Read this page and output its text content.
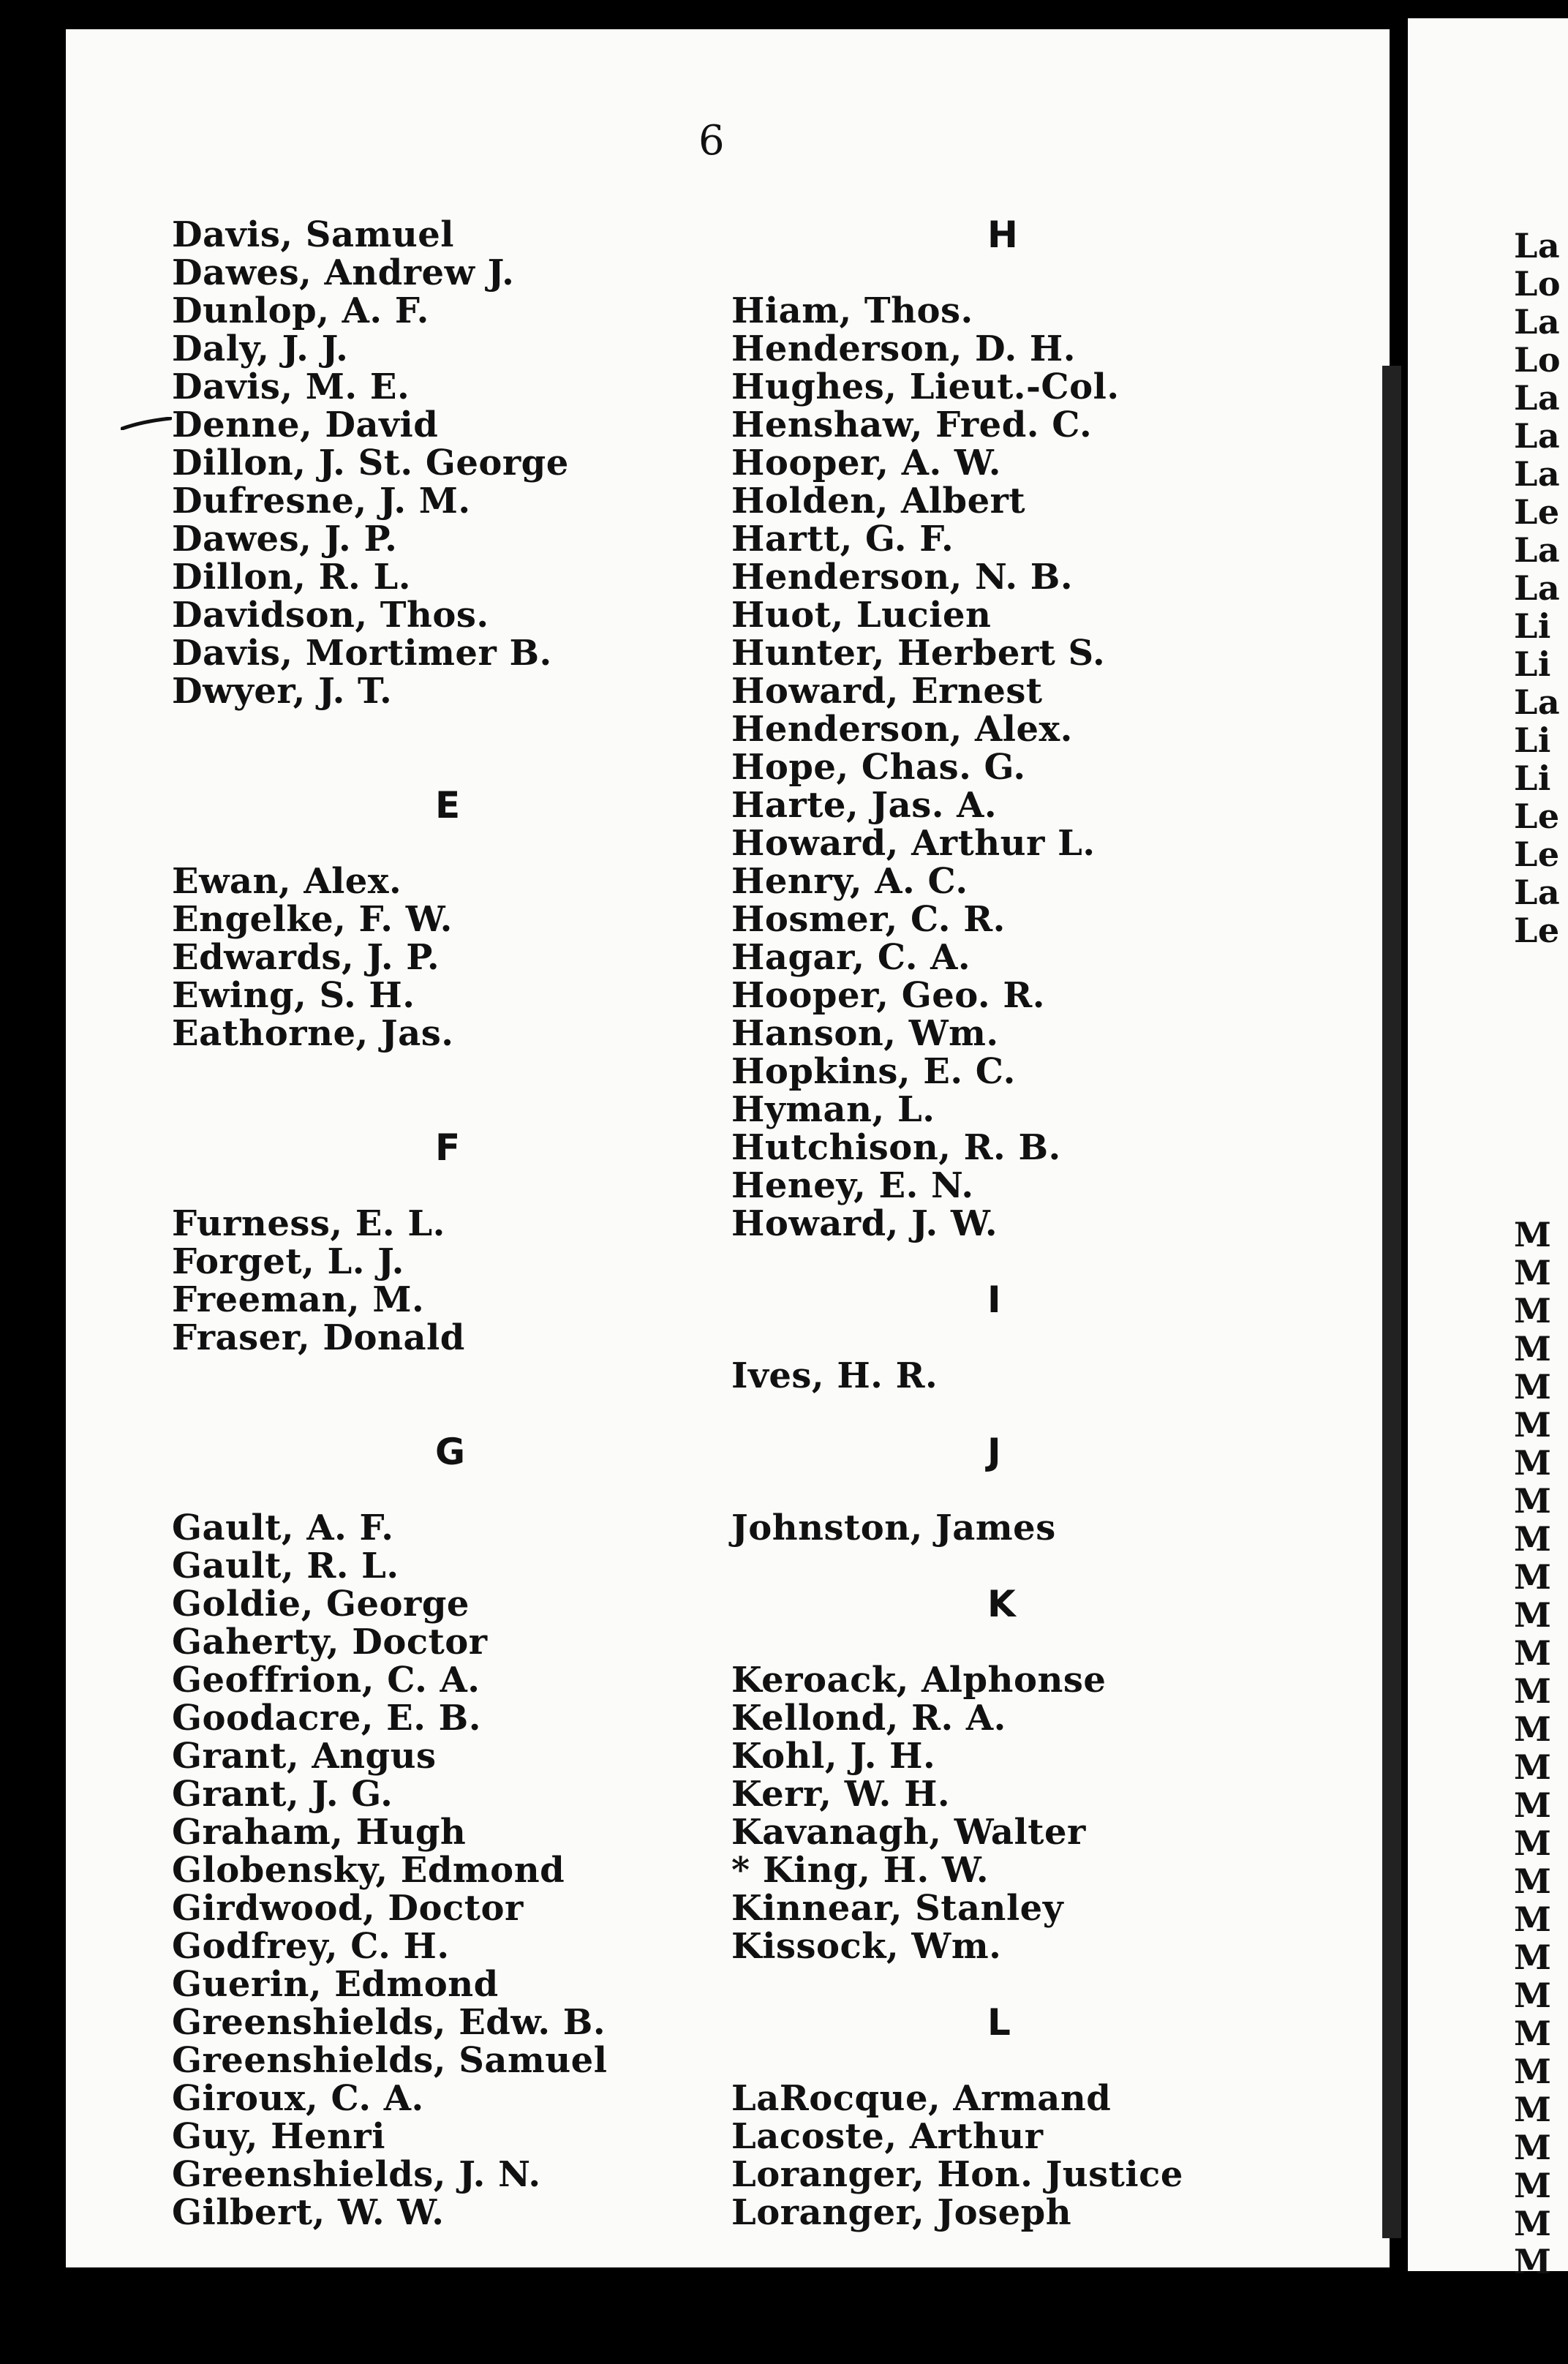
6
Davis, Samuel
Dawes, Andrew J.
Dunlop, A. F.
Daly, J. J.
Davis, M. E.
Denne, David
Dillon, J. St. George
Dufresne, J. M.
Dawes, J. P.
Dillon, R. L.
Davidson, Thos.
Davis, Mortimer B.
Dwyer, J. T.
E
Ewan, Alex.
Engelke, F. W.
Edwards, J. P.
Ewing, S. H.
Eathorne, Jas.
F
Furness, E. L.
Forget, L. J.
Freeman, M.
Fraser, Donald
G
Gault, A. F.
Gault, R. L.
Goldie, George
Gaherty, Doctor
Geoffrion, C. A.
Goodacre, E. B.
Grant, Angus
Grant, J. G.
Graham, Hugh
Globensky, Edmond
Girdwood, Doctor
Godfrey, C. H.
Guerin, Edmond
Greenshields, Edw. B.
Greenshields, Samuel
Giroux, C. A.
Guy, Henri
Greenshields, J. N.
Gilbert, W. W.
H
Hiam, Thos.
Henderson, D. H.
Hughes, Lieut.-Col.
Henshaw, Fred. C.
Hooper, A. W.
Holden, Albert
Hartt, G. F.
Henderson, N. B.
Huot, Lucien
Hunter, Herbert S.
Howard, Ernest
Henderson, Alex.
Hope, Chas. G.
Harte, Jas. A.
Howard, Arthur L.
Henry, A. C.
Hosmer, C. R.
Hagar, C. A.
Hooper, Geo. R.
Hanson, Wm.
Hopkins, E. C.
Hyman, L.
Hutchison, R. B.
Heney, E. N.
Howard, J. W.
I
Ives, H. R.
J
Johnston, James
K
Keroack, Alphonse
Kellond, R. A.
Kohl, J. H.
Kerr, W. H.
Kavanagh, Walter
* King, H. W.
Kinnear, Stanley
Kissock, Wm.
L
LaRocque, Armand
Lacoste, Arthur
Loranger, Hon. Justice
Loranger, Joseph
La
Lo
La
Lo
La
La
La
Le
La
La
Li
Li
La
Li
Li
Le
Le
La
Le
M
M
M
M
M
M
M
M
M
M
M
M
M
M
M
M
M
M
M
M
M
M
M
M
M
M
M
M
